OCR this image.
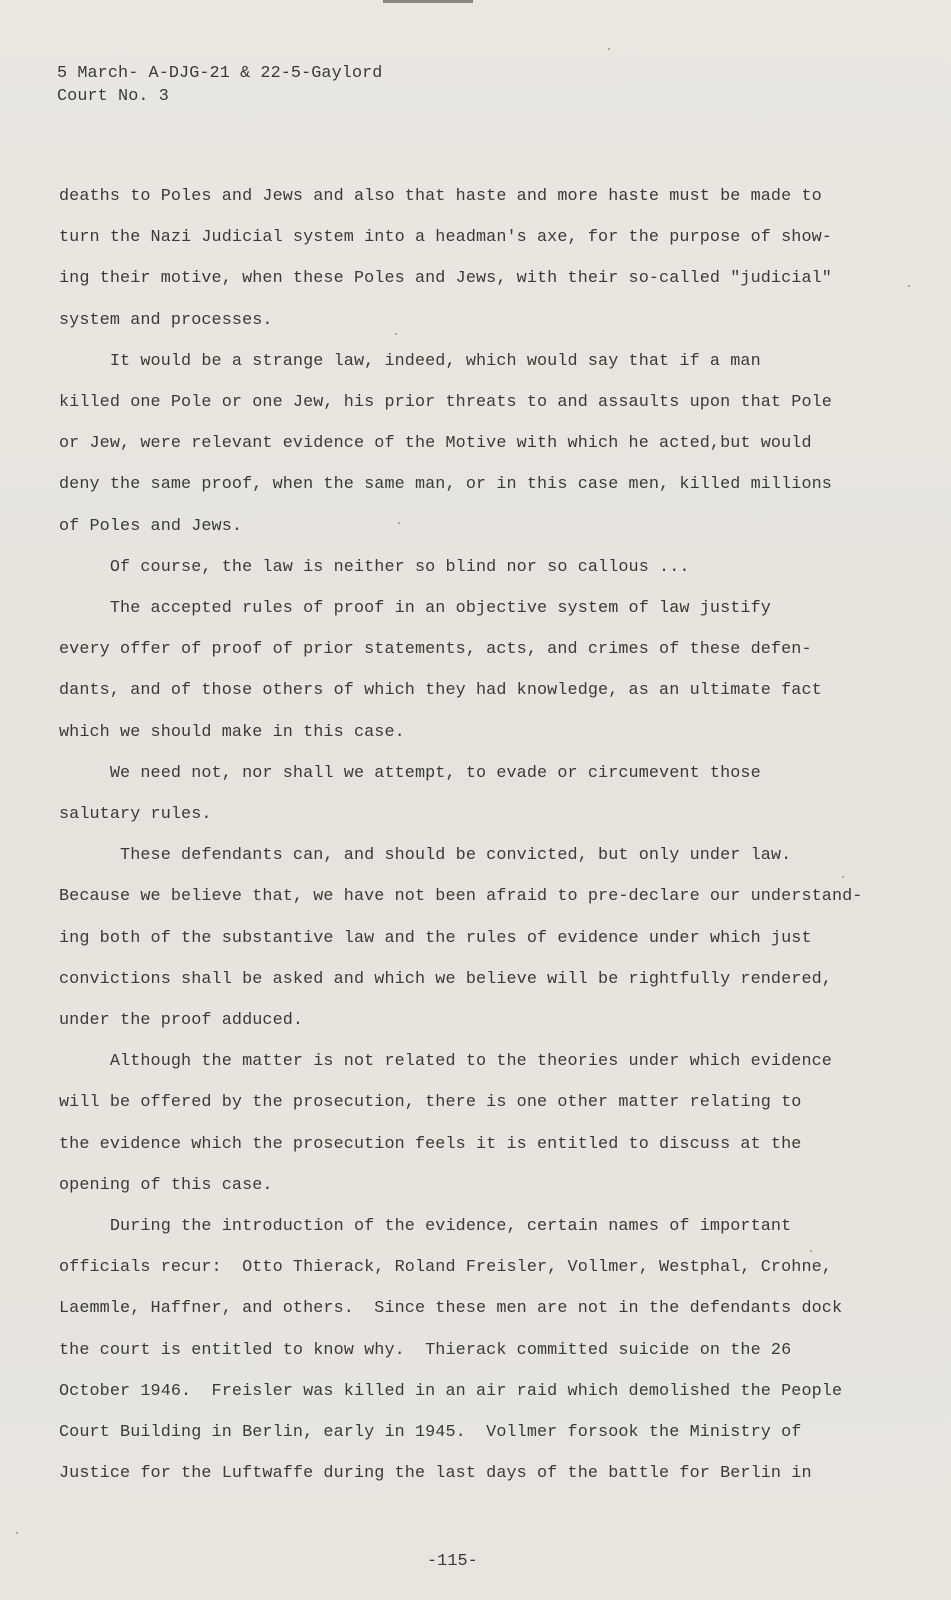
5 March- A-DJG-21 & 22-5-Gaylord
Court No. 3
deaths to Poles and Jews and also that haste and more haste must be made to
turn the Nazi Judicial system into a headman's axe, for the purpose of show-
ing their motive, when these Poles and Jews, with their so-called "judicial"
system and processes.
It would be a strange law, indeed, which would say that if a man
killed one Pole or one Jew, his prior threats to and assaults upon that Pole
or Jew, were relevant evidence of the Motive with which he acted,but would
deny the same proof, when the same man, or in this case men, killed millions
of Poles and Jews.
Of course, the law is neither so blind nor so callous ...
The accepted rules of proof in an objective system of law justify
every offer of proof of prior statements, acts, and crimes of these defen-
dants, and of those others of which they had knowledge, as an ultimate fact
which we should make in this case.
We need not, nor shall we attempt, to evade or circumevent those
salutary rules.
These defendants can, and should be convicted, but only under law.
Because we believe that, we have not been afraid to pre-declare our understand-
ing both of the substantive law and the rules of evidence under which just
convictions shall be asked and which we believe will be rightfully rendered,
under the proof adduced.
Although the matter is not related to the theories under which evidence
will be offered by the prosecution, there is one other matter relating to
the evidence which the prosecution feels it is entitled to discuss at the
opening of this case.
During the introduction of the evidence, certain names of important
officials recur:  Otto Thierack, Roland Freisler, Vollmer, Westphal, Crohne,
Laemmle, Haffner, and others.  Since these men are not in the defendants dock
the court is entitled to know why.  Thierack committed suicide on the 26
October 1946.  Freisler was killed in an air raid which demolished the People
Court Building in Berlin, early in 1945.  Vollmer forsook the Ministry of
Justice for the Luftwaffe during the last days of the battle for Berlin in
-115-
